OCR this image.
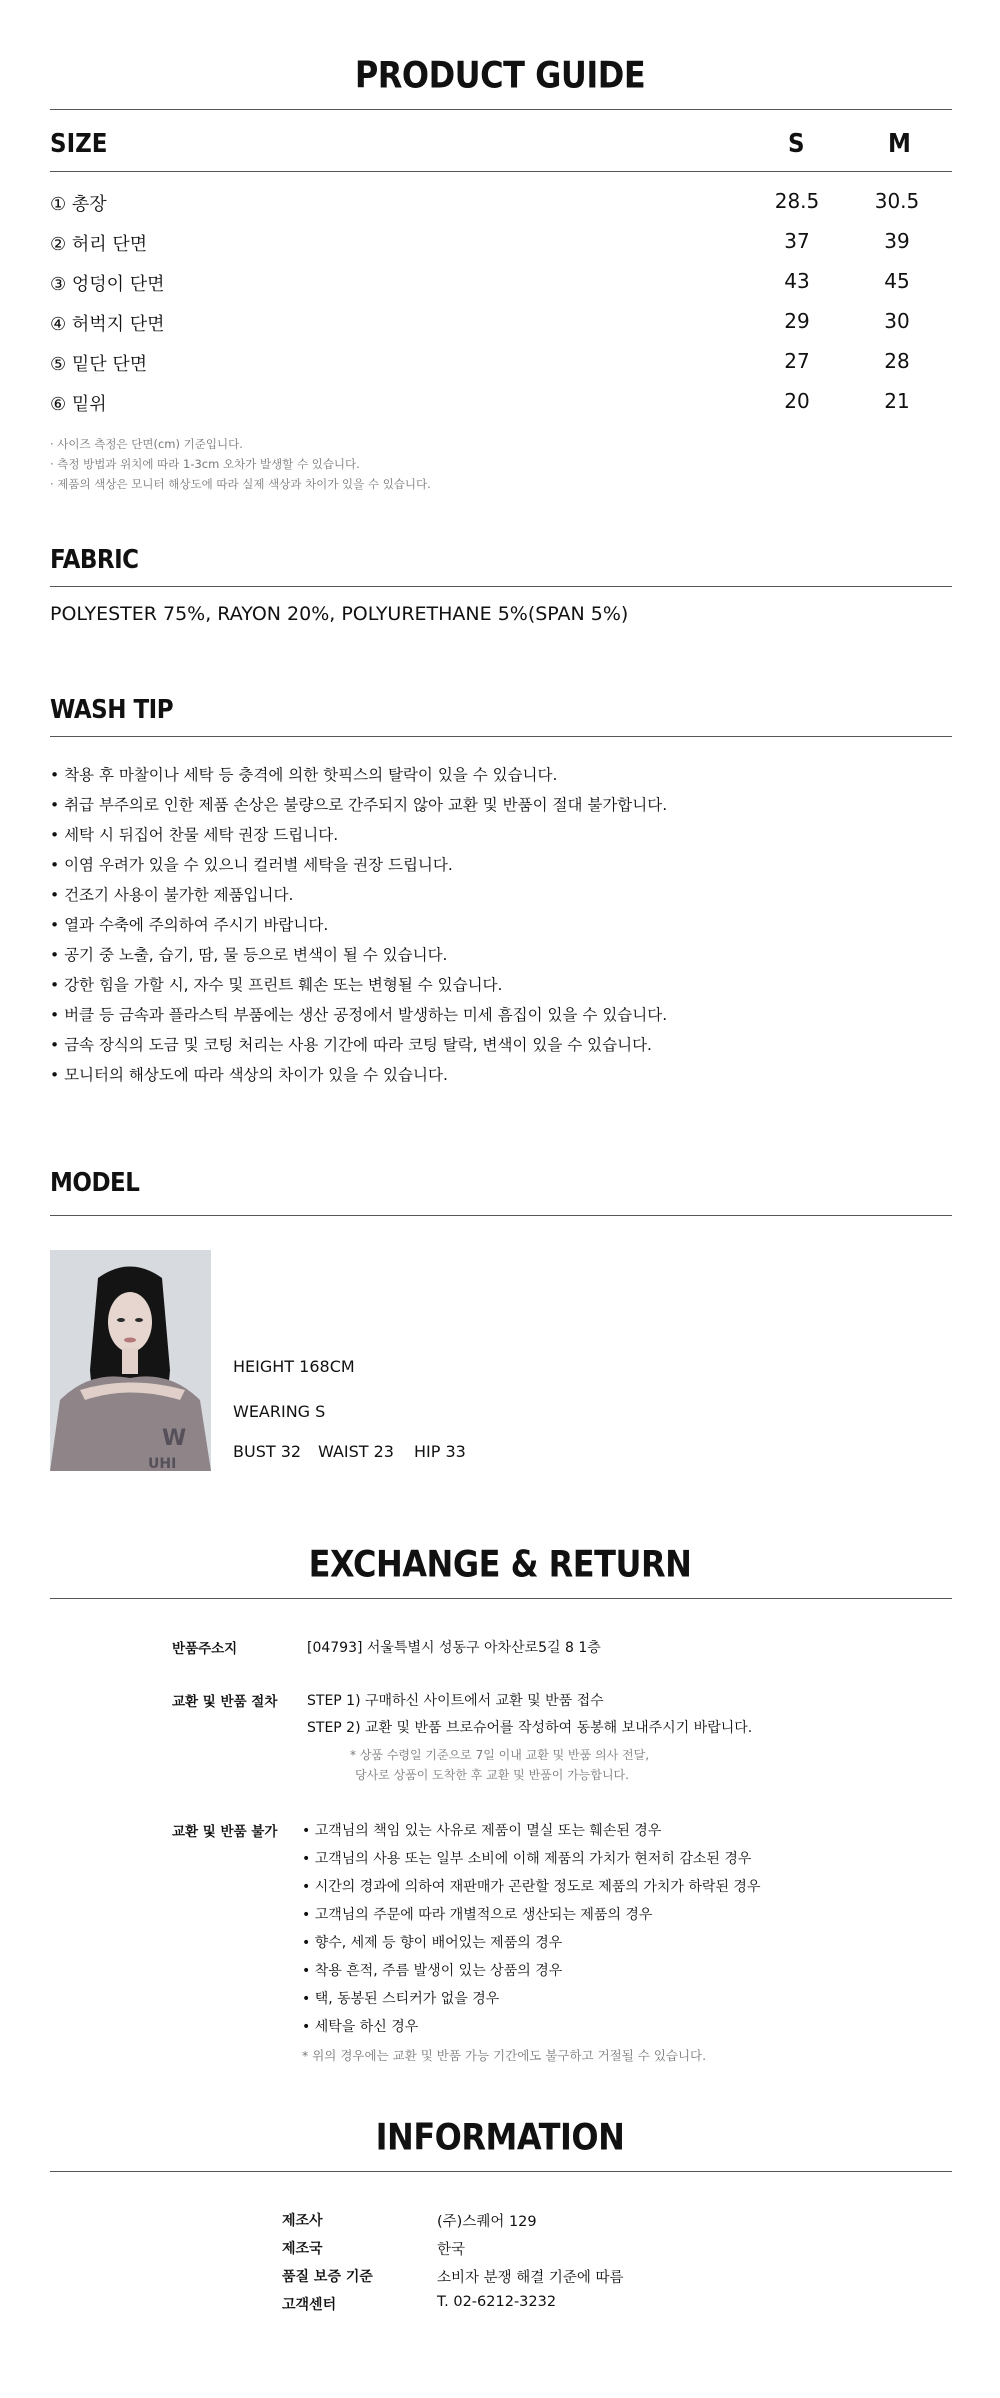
PRODUCT GUIDE
SIZE	S	M
① 총장	28.5	30.5
② 허리 단면	37	39
③ 엉덩이 단면	43	45
④ 허벅지 단면	29	30
⑤ 밑단 단면	27	28
⑥ 밑위	20	21
· 사이즈 측정은 단면(cm) 기준입니다.
· 측정 방법과 위치에 따라 1-3cm 오차가 발생할 수 있습니다.
· 제품의 색상은 모니터 해상도에 따라 실제 색상과 차이가 있을 수 있습니다.
FABRIC
POLYESTER 75%, RAYON 20%, POLYURETHANE 5%(SPAN 5%)
WASH TIP
• 착용 후 마찰이나 세탁 등 충격에 의한 핫픽스의 탈락이 있을 수 있습니다.
• 취급 부주의로 인한 제품 손상은 불량으로 간주되지 않아 교환 및 반품이 절대 불가합니다.
• 세탁 시 뒤집어 찬물 세탁 권장 드립니다.
• 이염 우려가 있을 수 있으니 컬러별 세탁을 권장 드립니다.
• 건조기 사용이 불가한 제품입니다.
• 열과 수축에 주의하여 주시기 바랍니다.
• 공기 중 노출, 습기, 땀, 물 등으로 변색이 될 수 있습니다.
• 강한 힘을 가할 시, 자수 및 프린트 훼손 또는 변형될 수 있습니다.
• 버클 등 금속과 플라스틱 부품에는 생산 공정에서 발생하는 미세 흠집이 있을 수 있습니다.
• 금속 장식의 도금 및 코팅 처리는 사용 기간에 따라 코팅 탈락, 변색이 있을 수 있습니다.
• 모니터의 해상도에 따라 색상의 차이가 있을 수 있습니다.
MODEL
W
UHI
HEIGHT 168CM
WEARING S
BUST 32 WAIST 23 HIP 33
EXCHANGE & RETURN
반품주소지	[04793] 서울특별시 성동구 아차산로5길 8 1층
교환 및 반품 절차 STEP 1) 구매하신 사이트에서 교환 및 반품 접수
STEP 2) 교환 및 반품 브로슈어를 작성하여 동봉해 보내주시기 바랍니다.
* 상품 수령일 기준으로 7일 이내 교환 및 반품 의사 전달,
당사로 상품이 도착한 후 교환 및 반품이 가능합니다.
교환 및 반품 불가 • 고객님의 책임 있는 사유로 제품이 멸실 또는 훼손된 경우
• 고객님의 사용 또는 일부 소비에 이해 제품의 가치가 현저히 감소된 경우
• 시간의 경과에 의하여 재판매가 곤란할 정도로 제품의 가치가 하락된 경우
• 고객님의 주문에 따라 개별적으로 생산되는 제품의 경우
• 향수, 세제 등 향이 배어있는 제품의 경우
• 착용 흔적, 주름 발생이 있는 상품의 경우
• 택, 동봉된 스티커가 없을 경우
• 세탁을 하신 경우
* 위의 경우에는 교환 및 반품 가능 기간에도 불구하고 거절될 수 있습니다.
INFORMATION
제조사	(주)스퀘어 129
제조국	한국
품질 보증 기준	소비자 분쟁 해결 기준에 따름
고객센터	T. 02-6212-3232
